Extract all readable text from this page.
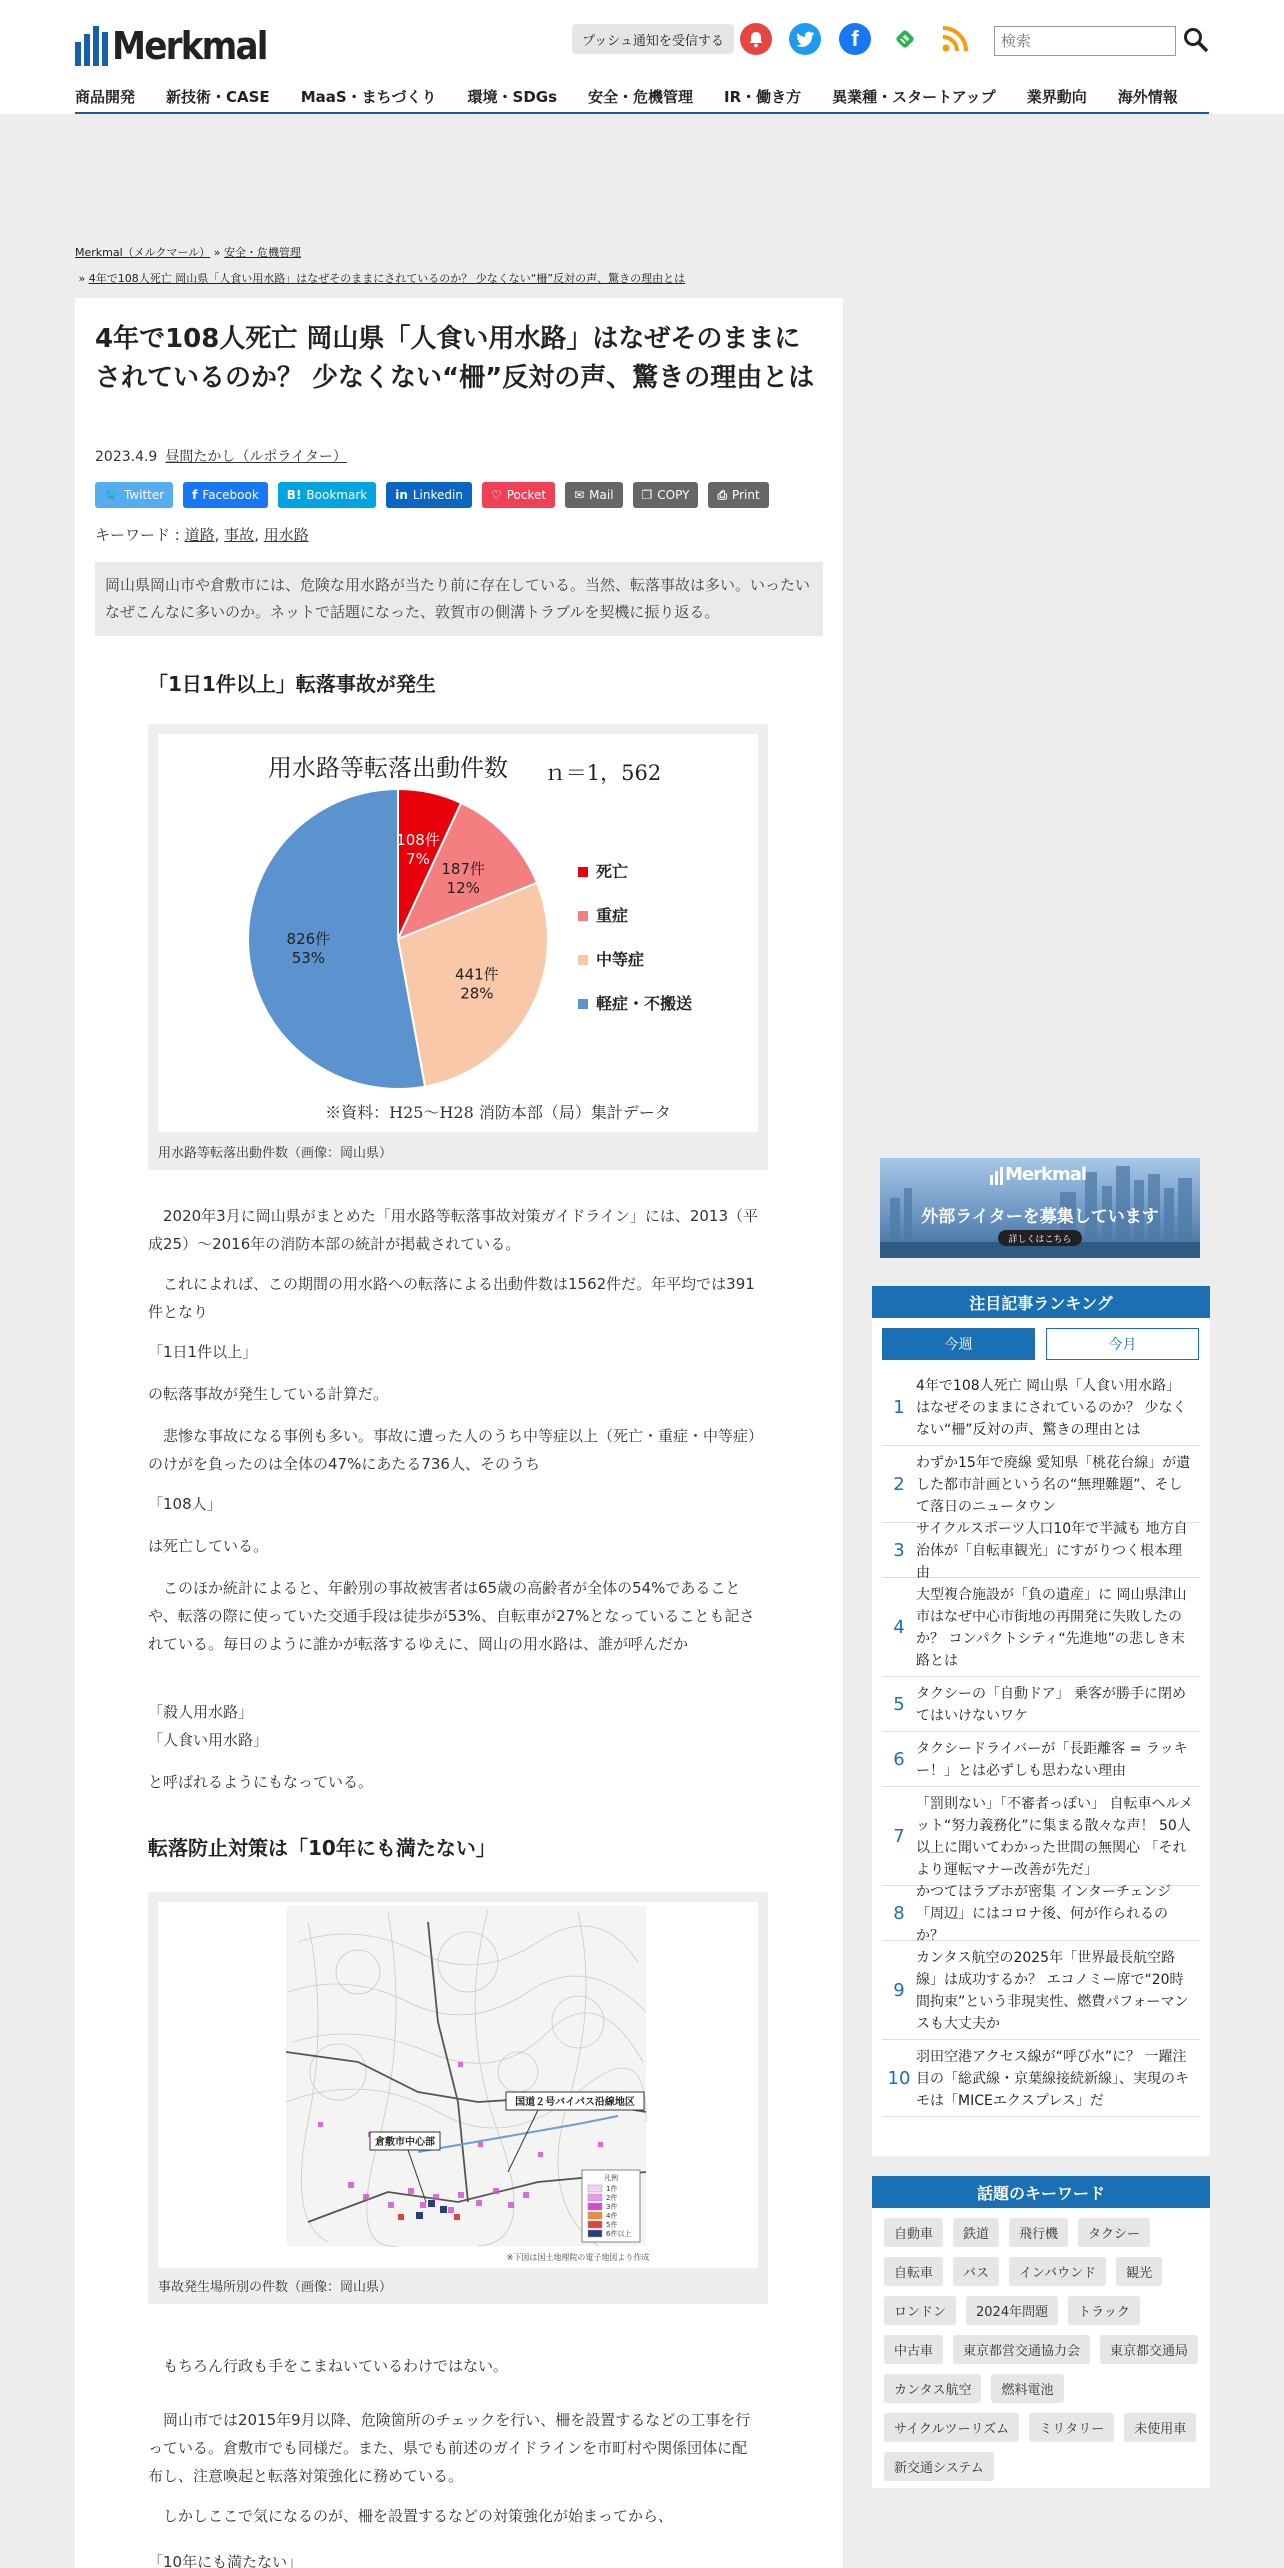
Merkmal	プッシュ通知を受信する	f
検索
商品開発 新技術・CASE MaaS・まちづくり 環境・SDGs 安全・危機管理 IR・働き方 異業種・スタートアップ 業界動向 海外情報
Merkmal（メルクマール） » 安全・危機管理
» 4年で108人死亡 岡山県「人食い用水路」はなぜそのままにされているのか？ 少なくない“柵”反対の声、驚きの理由とは
4年で108人死亡 岡山県「人食い用水路」はなぜそのままにされているのか？ 少なくない“柵”反対の声、驚きの理由とは
2023.4.9 昼間たかし（ルポライター）
🐦 Twitter f Facebook B! Bookmark in Linkedin ♡ Pocket ✉ Mail ❐ COPY ⎙ Print
キーワード : 道路, 事故, 用水路
岡山県岡山市や倉敷市には、危険な用水路が当たり前に存在している。当然、転落事故は多い。いったいなぜこんなに多いのか。ネットで話題になった、敦賀市の側溝トラブルを契機に振り返る。
「1日1件以上」転落事故が発生
用水路等転落出動件数 ｎ＝1，562
108件
7%
187件
12%
441件
28%
826件
53%
死亡
重症
中等症
軽症・不搬送
※資料：H25～H28 消防本部（局）集計データ
用水路等転落出動件数（画像：岡山県）
　2020年3月に岡山県がまとめた「用水路等転落事故対策ガイドライン」には、2013（平成25）～2016年の消防本部の統計が掲載されている。
　これによれば、この期間の用水路への転落による出動件数は1562件だ。年平均では391件となり
「1日1件以上」
の転落事故が発生している計算だ。
　悲惨な事故になる事例も多い。事故に遭った人のうち中等症以上（死亡・重症・中等症）のけがを負ったのは全体の47%にあたる736人、そのうち
「108人」
は死亡している。
　このほか統計によると、年齢別の事故被害者は65歳の高齢者が全体の54%であることや、転落の際に使っていた交通手段は徒歩が53%、自転車が27%となっていることも記されている。毎日のように誰かが転落するゆえに、岡山の用水路は、誰が呼んだか
「殺人用水路」
「人食い用水路」
と呼ばれるようにもなっている。
転落防止対策は「10年にも満たない」
倉敷市中心部
国道２号バイパス沿線地区
凡例
1件
2件
3件
4件
5件
6件以上
※下図は国土地理院の電子地図より作成
事故発生場所別の件数（画像：岡山県）
　もちろん行政も手をこまねいているわけではない。
　岡山市では2015年9月以降、危険箇所のチェックを行い、柵を設置するなどの工事を行っている。倉敷市でも同様だ。また、県でも前述のガイドラインを市町村や関係団体に配布し、注意喚起と転落対策強化に務めている。
　しかしここで気になるのが、柵を設置するなどの対策強化が始まってから、
「10年にも満たない」
Merkmal
外部ライターを募集しています
詳しくはこちら
注目記事ランキング
今週	今月
1
4年で108人死亡 岡山県「人食い用水路」はなぜそのままにされているのか？ 少なくない“柵”反対の声、驚きの理由とは
2
わずか15年で廃線 愛知県「桃花台線」が遺した都市計画という名の“無理難題”、そして落日のニュータウン
3
サイクルスポーツ人口10年で半減も 地方自治体が「自転車観光」にすがりつく根本理由
4
大型複合施設が「負の遺産」に 岡山県津山市はなぜ中心市街地の再開発に失敗したのか？ コンパクトシティ“先進地”の悲しき末路とは
5
タクシーの「自動ドア」 乗客が勝手に閉めてはいけないワケ
6
タクシードライバーが「長距離客 = ラッキー！」とは必ずしも思わない理由
7
「罰則ない」「不審者っぽい」 自転車ヘルメット“努力義務化”に集まる散々な声！ 50人以上に聞いてわかった世間の無関心 「それより運転マナー改善が先だ」
8
かつてはラブホが密集 インターチェンジ「周辺」にはコロナ後、何が作られるのか？
9
カンタス航空の2025年「世界最長航空路線」は成功するか？ エコノミー席で“20時間拘束”という非現実性、燃費パフォーマンスも大丈夫か
10
羽田空港アクセス線が“呼び水”に？ 一躍注目の「総武線・京葉線接続新線」、実現のキモは「MICEエクスプレス」だ
話題のキーワード
自動車	鉄道	飛行機	タクシー
自転車	バス	インバウンド	観光
ロンドン	2024年問題	トラック
中古車	東京都営交通協力会	東京都交通局
カンタス航空	燃料電池
サイクルツーリズム	ミリタリー	未使用車
新交通システム
